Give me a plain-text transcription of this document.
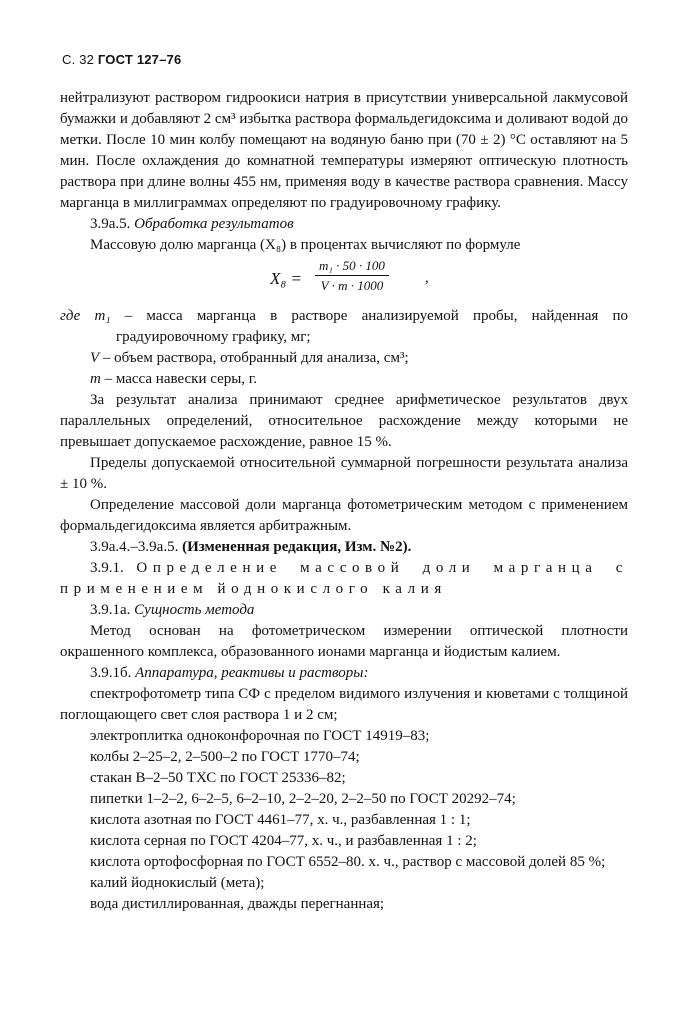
С. 32 ГОСТ 127–76

нейтрализуют раствором гидроокиси натрия в присутствии универсальной лакмусовой бумажки и добавляют 2 см³ избытка раствора формальдегидоксима и доливают водой до метки. После 10 мин колбу помещают на водяную баню при (70 ± 2) °С оставляют на 5 мин. После охлаждения до комнатной температуры измеряют оптическую плотность раствора при длине волны 455 нм, применяя воду в качестве раствора сравнения. Массу марганца в миллиграммах определяют по градуировочному графику.

3.9а.5. Обработка результатов

Массовую долю марганца (X₈) в процентах вычисляют по формуле

$X_8 = \frac{\text{m₁ · 50 · 100}}{V \cdot m \cdot 1000}$ ,

где m₁ – масса марганца в растворе анализируемой пробы, найденная по градуировочному графику, мг;

V – объем раствора, отобранный для анализа, см³;

m – масса навески серы, г.

За результат анализа принимают среднее арифметическое результатов двух параллельных определений, относительное расхождение между которыми не превышает допускаемое расхождение, равное 15 %.

Пределы допускаемой относительной суммарной погрешности результата анализа ± 10 %.

Определение массовой доли марганца фотометрическим методом с применением формальдегидоксима является арбитражным.

3.9а.4.–3.9а.5. (Измененная редакция, Изм. №2).

3.9.1. Определение массовой доли марганца с применением йоднокислого калия

3.9.1а. Сущность метода

Метод основан на фотометрическом измерении оптической плотности окрашенного комплекса, образованного ионами марганца и йодистым калием.

3.9.1б. Аппаратура, реактивы и растворы:

спектрофотометр типа СФ с пределом видимого излучения и кюветами с толщиной поглощающего свет слоя раствора 1 и 2 см;

электроплитка одноконфорочная по ГОСТ 14919–83;

колбы 2–25–2, 2–500–2 по ГОСТ 1770–74;

стакан В–2–50 ТХС по ГОСТ 25336–82;

пипетки 1–2–2, 6–2–5, 6–2–10, 2–2–20, 2–2–50 по ГОСТ 20292–74;

кислота азотная по ГОСТ 4461–77, х. ч., разбавленная 1 : 1;

кислота серная по ГОСТ 4204–77, х. ч., и разбавленная 1 : 2;

кислота ортофосфорная по ГОСТ 6552–80. х. ч., раствор с массовой долей 85 %;

калий йоднокислый (мета);

вода дистиллированная, дважды перегнанная;
